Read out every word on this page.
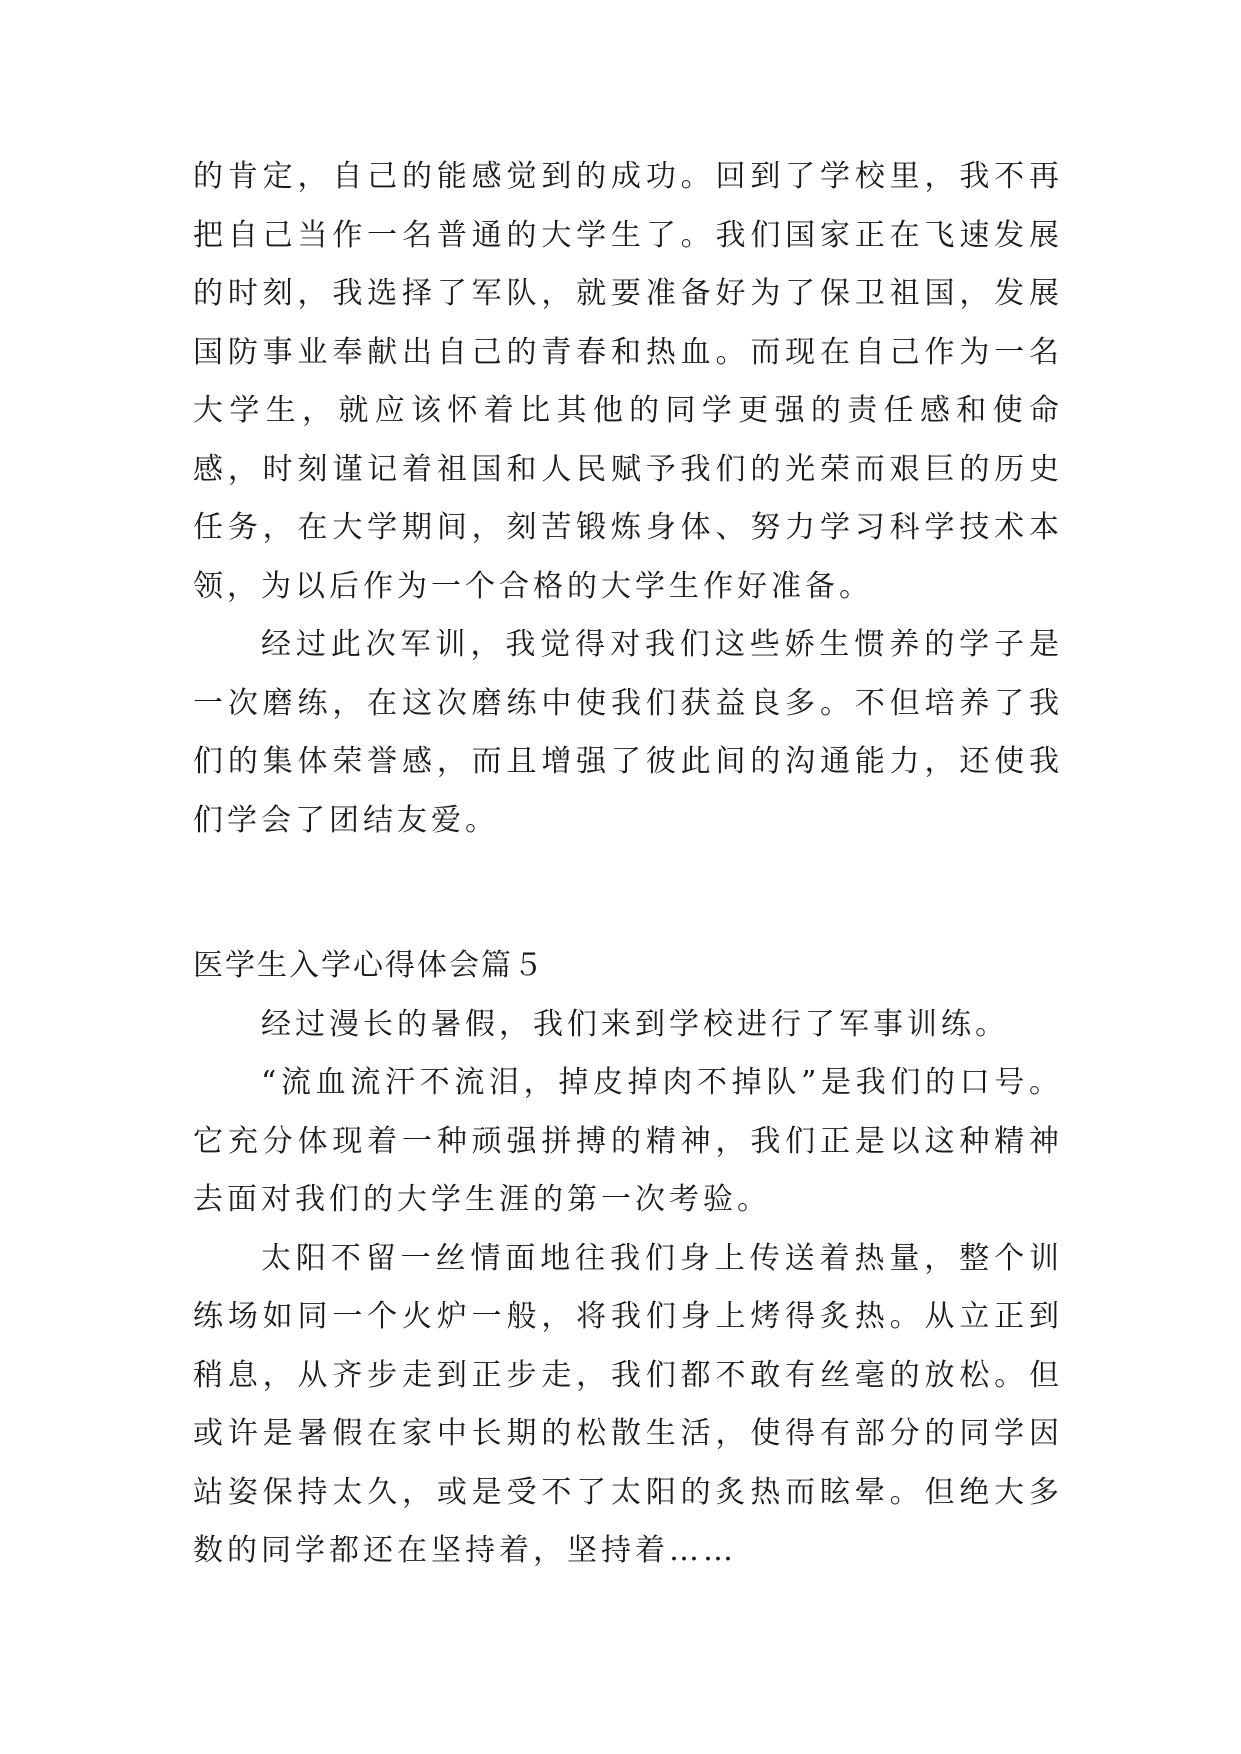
的肯定，自己的能感觉到的成功。回到了学校里，我不再把自己当作一名普通的大学生了。我们国家正在飞速发展的时刻，我选择了军队，就要准备好为了保卫祖国，发展国防事业奉献出自己的青春和热血。而现在自己作为一名大学生，就应该怀着比其他的同学更强的责任感和使命感，时刻谨记着祖国和人民赋予我们的光荣而艰巨的历史任务，在大学期间，刻苦锻炼身体、努力学习科学技术本领，为以后作为一个合格的大学生作好准备。

经过此次军训，我觉得对我们这些娇生惯养的学子是一次磨练，在这次磨练中使我们获益良多。不但培养了我们的集体荣誉感，而且增强了彼此间的沟通能力，还使我们学会了团结友爱。

医学生入学心得体会篇５

经过漫长的暑假，我们来到学校进行了军事训练。

“流血流汗不流泪，掉皮掉肉不掉队”是我们的口号。它充分体现着一种顽强拼搏的精神，我们正是以这种精神去面对我们的大学生涯的第一次考验。

太阳不留一丝情面地往我们身上传送着热量，整个训练场如同一个火炉一般，将我们身上烤得炙热。从立正到稍息，从齐步走到正步走，我们都不敢有丝毫的放松。但或许是暑假在家中长期的松散生活，使得有部分的同学因站姿保持太久，或是受不了太阳的炙热而眩晕。但绝大多数的同学都还在坚持着，坚持着……
